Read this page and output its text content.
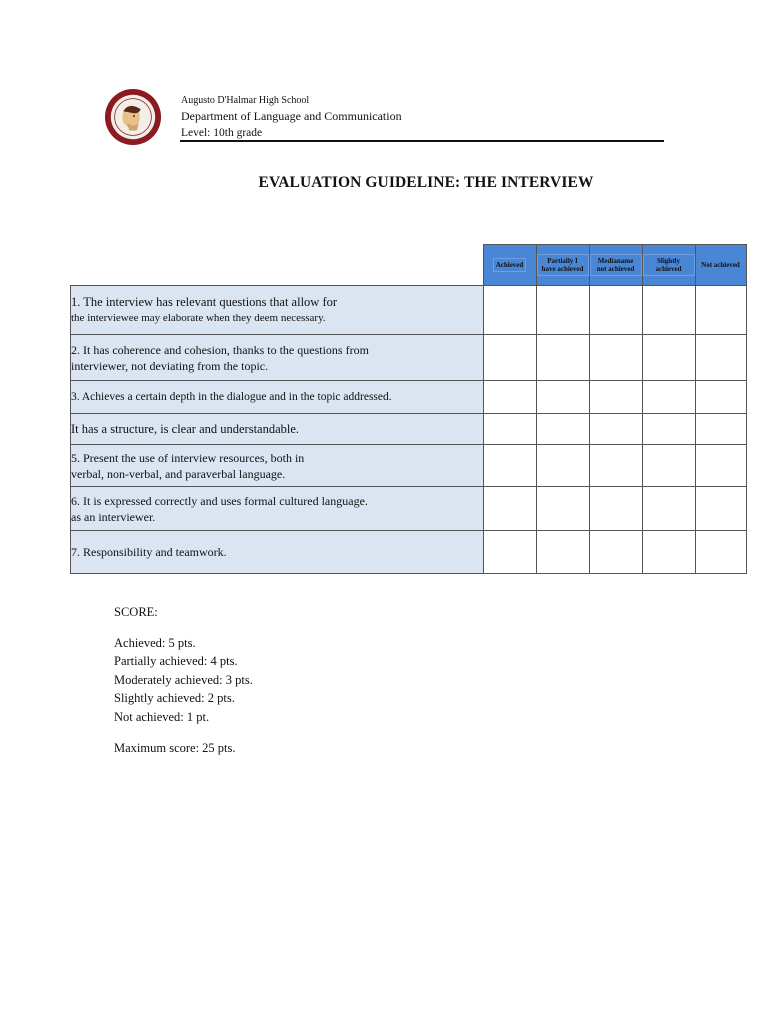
Augusto D'Halmar High School
Department of Language and Communication
Level: 10th grade
EVALUATION GUIDELINE: THE INTERVIEW
	Achieved	Partially I have achieved	Medianame not achieved	Slightly achieved	Not achieved

1. The interview has relevant questions that allow for
the interviewee may elaborate when they deem necessary.					

2. It has coherence and cohesion, thanks to the questions from
interviewer, not deviating from the topic.					

3. Achieves a certain depth in the dialogue and in the topic addressed.					

It has a structure, is clear and understandable.					

5. Present the use of interview resources, both in
verbal, non-verbal, and paraverbal language.					

6. It is expressed correctly and uses formal cultured language.
as an interviewer.					

7. Responsibility and teamwork.					

SCORE:

Achieved: 5 pts.

Partially achieved: 4 pts.

Moderately achieved: 3 pts.

Slightly achieved: 2 pts.

Not achieved: 1 pt.

Maximum score: 25 pts.
